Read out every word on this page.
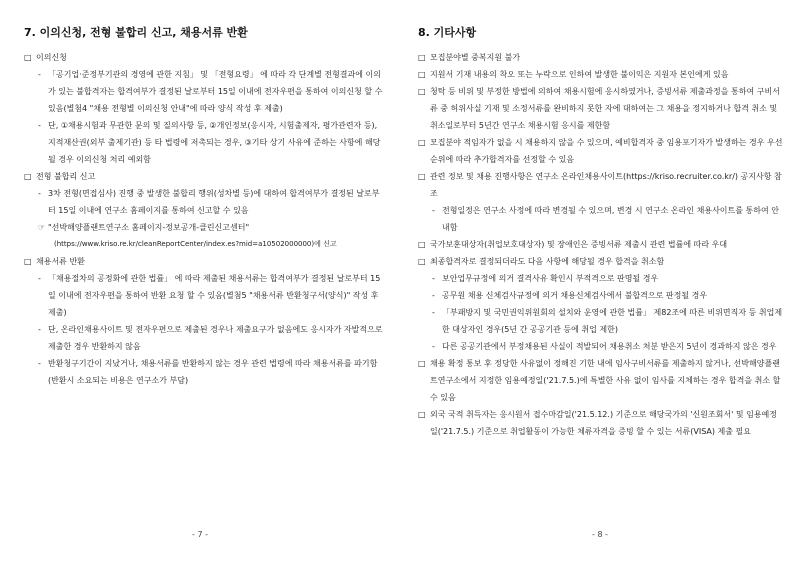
7. 이의신청, 전형 불합리 신고, 채용서류 반환

□ 이의신청

- 「공기업·준정부기관의 경영에 관한 지침」 및 「전형요령」 에 따라 각 단계별 전형결과에 이의가 있는 불합격자는 합격여부가 결정된 날로부터 15일 이내에 전자우편을 통하여 이의신청 할 수 있음(별첨4 "채용 전형별 이의신청 안내"에 따라 양식 작성 후 제출)

- 단, ①채용시험과 무관한 문의 및 질의사항 등, ②개인정보(응시자, 시험출제자, 평가관련자 등), 지적재산권(외부 출제기관) 등 타 법령에 저촉되는 경우, ③기타 상기 사유에 준하는 사항에 해당될 경우 이의신청 처리 예외함

□ 전형 불합리 신고

- 3차 전형(면접심사) 진행 중 발생한 불합리 행위(성차별 등)에 대하여 합격여부가 결정된 날로부터 15일 이내에 연구소 홈페이지를 통하여 신고할 수 있음

☞ "선박해양플랜트연구소 홈페이지-정보공개-클린신고센터"

(https://www.kriso.re.kr/cleanReportCenter/index.es?mid=a10502000000)에 신고

□ 채용서류 반환

- 「채용절차의 공정화에 관한 법률」 에 따라 제출된 채용서류는 합격여부가 결정된 날로부터 15일 이내에 전자우편을 통하여 반환 요청 할 수 있음(별첨5 "채용서류 반환청구서(양식)" 작성 후 제출)

- 단, 온라인채용사이트 및 전자우편으로 제출된 경우나 제출요구가 없음에도 응시자가 자발적으로 제출한 경우 반환하지 않음

- 반환청구기간이 지났거나, 채용서류를 반환하지 않는 경우 관련 법령에 따라 채용서류를 파기함(반환시 소요되는 비용은 연구소가 부담)

- 7 -
8. 기타사항

□ 모집분야별 중복지원 불가

□ 지원서 기재 내용의 착오 또는 누락으로 인하여 발생한 불이익은 지원자 본인에게 있음

□ 청탁 등 비위 및 부정한 방법에 의하여 채용시험에 응시하였거나, 증빙서류 제출과정을 통하여 구비서류 중 허위사실 기재 및 소정서류를 완비하지 못한 자에 대하여는 그 채용을 정지하거나 합격 취소 및 취소일로부터 5년간 연구소 채용시험 응시를 제한함

□ 모집분야 적임자가 없을 시 채용하지 않을 수 있으며, 예비합격자 중 임용포기자가 발생하는 경우 우선순위에 따라 추가합격자를 선정할 수 있음

□ 관련 정보 및 채용 진행사항은 연구소 온라인채용사이트(https://kriso.recruiter.co.kr/) 공지사항 참조

- 전형일정은 연구소 사정에 따라 변경될 수 있으며, 변경 시 연구소 온라인 채용사이트를 통하여 안내함

□ 국가보훈대상자(취업보호대상자) 및 장애인은 증빙서류 제출시 관련 법률에 따라 우대

□ 최종합격자로 결정되더라도 다음 사항에 해당될 경우 합격을 취소함

- 보안업무규정에 의거 결격사유 확인시 부적격으로 판명될 경우

- 공무원 채용 신체검사규정에 의거 채용신체검사에서 불합격으로 판정될 경우

- 「부패방지 및 국민권익위원회의 설치와 운영에 관한 법률」 제82조에 따른 비위면직자 등 취업제한 대상자인 경우(5년 간 공공기관 등에 취업 제한)

- 다른 공공기관에서 부정채용된 사실이 적발되어 채용취소 처분 받은지 5년이 경과하지 않은 경우

□ 채용 확정 통보 후 정당한 사유없이 정해진 기한 내에 임사구비서류를 제출하지 않거나, 선박해양플랜트연구소에서 지정한 임용예정일('21.7.5.)에 특별한 사유 없이 임사를 지체하는 경우 합격을 취소 할 수 있음

□ 외국 국적 취득자는 응시원서 접수마감일('21.5.12.) 기준으로 해당국가의 '신원조회서' 및 임용예정일('21.7.5.) 기준으로 취업활동이 가능한 체류자격을 증빙 할 수 있는 서류(VISA) 제출 필요

- 8 -
